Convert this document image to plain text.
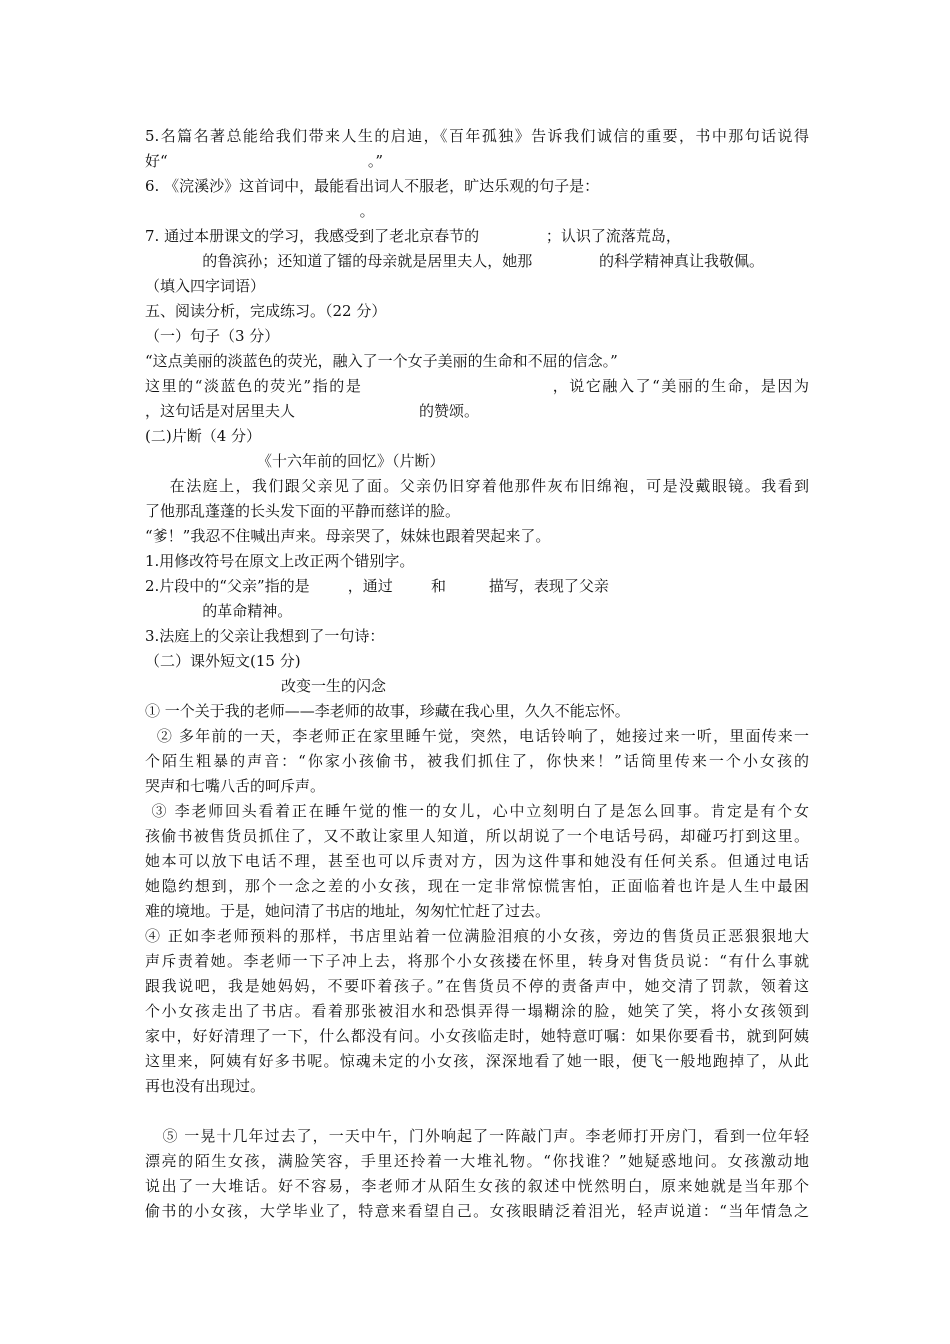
5.名篇名著总能给我们带来人生的启迪，《百年孤独》告诉我们诚信的重要，书中那句话说得
好“                                          。”
6. 《浣溪沙》这首词中，最能看出词人不服老，旷达乐观的句子是：
。
7. 通过本册课文的学习，我感受到了老北京春节的              ；认识了流落荒岛，
的鲁滨孙；还知道了镭的母亲就是居里夫人，她那              的科学精神真让我敬佩。
（填入四字词语）
五、阅读分析，完成练习。（22 分）
（一）句子（3 分）
“这点美丽的淡蓝色的荧光，融入了一个女子美丽的生命和不屈的信念。”
这里的“淡蓝色的荧光”指的是                              ，说它融入了“美丽的生命，是因为
，这句话是对居里夫人                          的赞颂。
(二)片断（4 分）
《十六年前的回忆》（片断）
在法庭上，我们跟父亲见了面。父亲仍旧穿着他那件灰布旧绵袍，可是没戴眼镜。我看到
了他那乱蓬蓬的长头发下面的平静而慈详的脸。
“爹！”我忍不住喊出声来。母亲哭了，妹妹也跟着哭起来了。
1.用修改符号在原文上改正两个错别字。
2.片段中的“父亲”指的是        ，通过        和         描写，表现了父亲
的革命精神。
3.法庭上的父亲让我想到了一句诗：
（二）课外短文(15 分)
改变一生的闪念
① 一个关于我的老师——李老师的故事，珍藏在我心里，久久不能忘怀。
② 多年前的一天，李老师正在家里睡午觉，突然，电话铃响了，她接过来一听，里面传来一
个陌生粗暴的声音：“你家小孩偷书，被我们抓住了，你快来！”话筒里传来一个小女孩的
哭声和七嘴八舌的呵斥声。
③ 李老师回头看着正在睡午觉的惟一的女儿，心中立刻明白了是怎么回事。肯定是有个女
孩偷书被售货员抓住了，又不敢让家里人知道，所以胡说了一个电话号码，却碰巧打到这里。
她本可以放下电话不理，甚至也可以斥责对方，因为这件事和她没有任何关系。但通过电话
她隐约想到，那个一念之差的小女孩，现在一定非常惊慌害怕，正面临着也许是人生中最困
难的境地。于是，她问清了书店的地址，匆匆忙忙赶了过去。
④ 正如李老师预料的那样，书店里站着一位满脸泪痕的小女孩，旁边的售货员正恶狠狠地大
声斥责着她。李老师一下子冲上去，将那个小女孩搂在怀里，转身对售货员说：“有什么事就
跟我说吧，我是她妈妈，不要吓着孩子。”在售货员不停的责备声中，她交清了罚款，领着这
个小女孩走出了书店。看着那张被泪水和恐惧弄得一塌糊涂的脸，她笑了笑，将小女孩领到
家中，好好清理了一下，什么都没有问。小女孩临走时，她特意叮嘱：如果你要看书，就到阿姨
这里来，阿姨有好多书呢。惊魂未定的小女孩，深深地看了她一眼，便飞一般地跑掉了，从此
再也没有出现过。
⑤ 一晃十几年过去了，一天中午，门外响起了一阵敲门声。李老师打开房门，看到一位年轻
漂亮的陌生女孩，满脸笑容，手里还拎着一大堆礼物。“你找谁？”她疑惑地问。女孩激动地
说出了一大堆话。好不容易，李老师才从陌生女孩的叙述中恍然明白，原来她就是当年那个
偷书的小女孩，大学毕业了，特意来看望自己。女孩眼睛泛着泪光，轻声说道：“当年情急之
